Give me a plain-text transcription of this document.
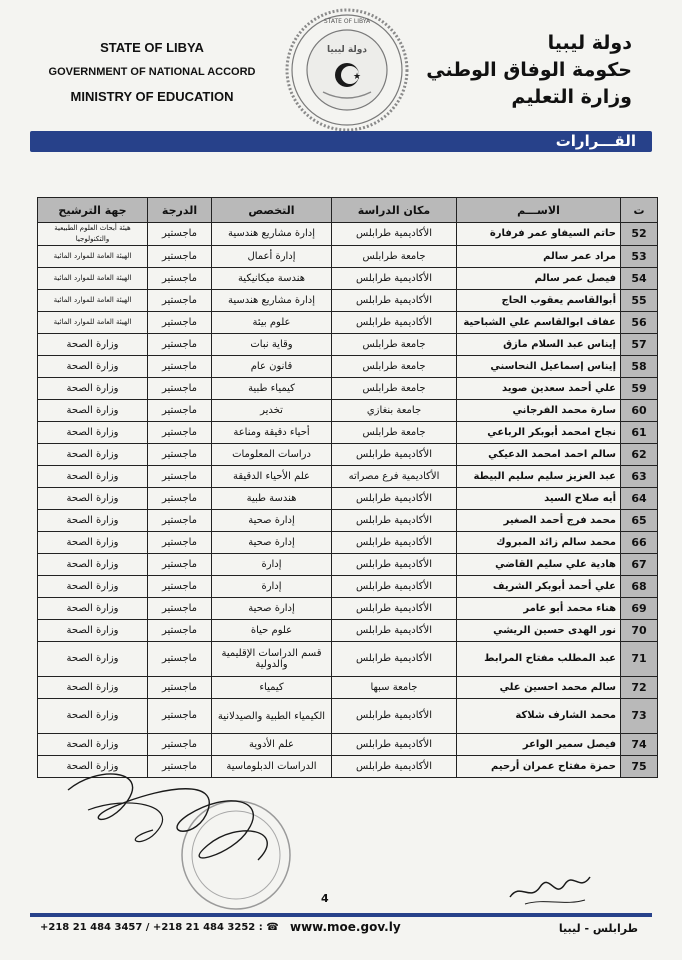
STATE OF LIBYA
GOVERNMENT OF NATIONAL ACCORD
MINISTRY OF EDUCATION
STATE OF LIBYA
دولة ليبيا
★
دولة ليبيا
حكومة الوفاق الوطني
وزارة التعليم
القـــرارات
ت	الاســـم	مكان الدراسة	التخصص	الدرجة	جهة الترشيح
52	حاتم السيفاو عمر فرفارة	الأكاديمية طرابلس	إدارة مشاريع هندسية	ماجستير	هيئة أبحاث العلوم الطبيعية والتكنولوجيا
53	مراد عمر سالم	جامعة طرابلس	إدارة أعمال	ماجستير	الهيئة العامة للموارد المائية
54	فيصل عمر سالم	الأكاديمية طرابلس	هندسة ميكانيكية	ماجستير	الهيئة العامة للموارد المائية
55	أبوالقاسم يعقوب الحاج	الأكاديمية طرابلس	إدارة مشاريع هندسية	ماجستير	الهيئة العامة للموارد المائية
56	عفاف ابوالقاسم علي الشباحية	الأكاديمية طرابلس	علوم بيئة	ماجستير	الهيئة العامة للموارد المائية
57	إيناس عبد السلام مازق	جامعة طرابلس	وقاية نبات	ماجستير	وزارة الصحة
58	إيناس إسماعيل النحاسني	جامعة طرابلس	قانون عام	ماجستير	وزارة الصحة
59	علي أحمد سعدين صويد	جامعة طرابلس	كيمياء طبية	ماجستير	وزارة الصحة
60	سارة محمد الفرجاني	جامعة بنغازي	تخدير	ماجستير	وزارة الصحة
61	نجاح امحمد أبوبكر الرباعي	جامعة طرابلس	أحياء دقيقة ومناعة	ماجستير	وزارة الصحة
62	سالم احمد امحمد الدعيكي	الأكاديمية طرابلس	دراسات المعلومات	ماجستير	وزارة الصحة
63	عبد العزيز سليم سليم البيطة	الأكاديمية فرع مصراته	علم الأحياء الدقيقة	ماجستير	وزارة الصحة
64	أيه صلاح السيد	الأكاديمية طرابلس	هندسة طبية	ماجستير	وزارة الصحة
65	محمد فرج أحمد الصغير	الأكاديمية طرابلس	إدارة صحية	ماجستير	وزارة الصحة
66	محمد سالم زائد المبروك	الأكاديمية طرابلس	إدارة صحية	ماجستير	وزارة الصحة
67	هادية علي سليم القاضي	الأكاديمية طرابلس	إدارة	ماجستير	وزارة الصحة
68	علي أحمد أبوبكر الشريف	الأكاديمية طرابلس	إدارة	ماجستير	وزارة الصحة
69	هناء محمد أبو عامر	الأكاديمية طرابلس	إدارة صحية	ماجستير	وزارة الصحة
70	نور الهدى حسين الريشي	الأكاديمية طرابلس	علوم حياة	ماجستير	وزارة الصحة
71	عبد المطلب مفتاح المرابط	الأكاديمية طرابلس	قسم الدراسات الإقليمية والدولية	ماجستير	وزارة الصحة
72	سالم محمد احسين علي	جامعة سبها	كيمياء	ماجستير	وزارة الصحة
73	محمد الشارف شلاكة	الأكاديمية طرابلس	الكيمياء الطبية والصيدلانية	ماجستير	وزارة الصحة
74	فيصل سمير الواعر	الأكاديمية طرابلس	علم الأدوية	ماجستير	وزارة الصحة
75	حمزة مفتاح عمران أرحيم	الأكاديمية طرابلس	الدراسات الدبلوماسية	ماجستير	وزارة الصحة
4
+218 21 484 3457 / +218 21 484 3252 : ☎ www.moe.gov.ly	طرابلس - ليبيا
